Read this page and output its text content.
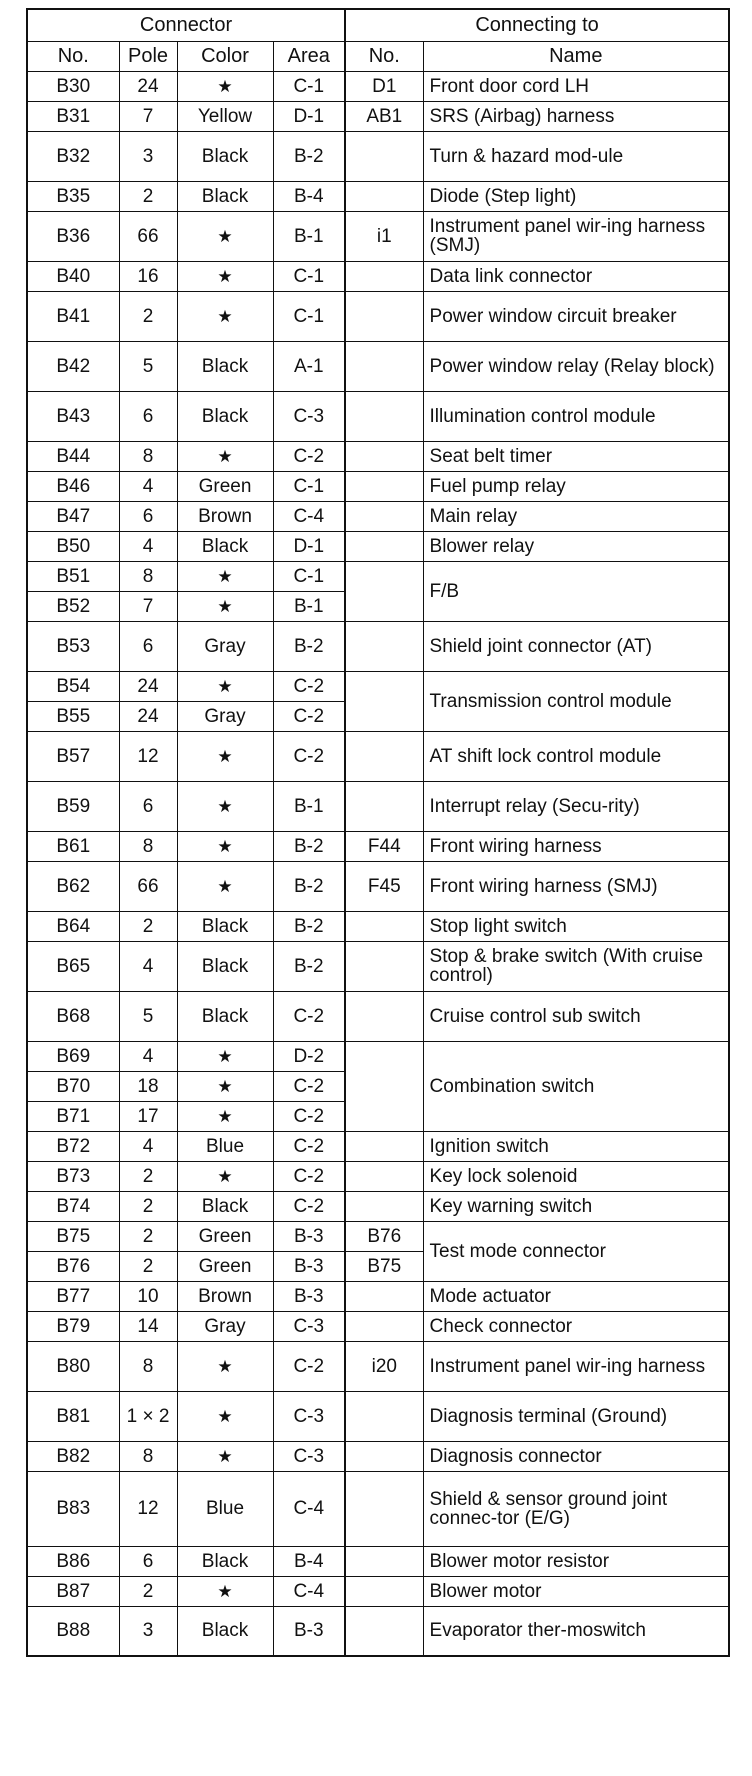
Connector				Connecting to	
No.	Pole	Color	Area	No.	Name
B30	24	★	C-1	D1	Front door cord LH
B31	7	Yellow	D-1	AB1	SRS (Airbag) harness
B32	3	Black	B-2		Turn & hazard mod-ule
B35	2	Black	B-4		Diode (Step light)
B36	66	★	B-1	i1	Instrument panel wir-ing harness (SMJ)
B40	16	★	C-1		Data link connector
B41	2	★	C-1		Power window circuit breaker
B42	5	Black	A-1		Power window relay (Relay block)
B43	6	Black	C-3		Illumination control module
B44	8	★	C-2		Seat belt timer
B46	4	Green	C-1		Fuel pump relay
B47	6	Brown	C-4		Main relay
B50	4	Black	D-1		Blower relay
B51	8	★	C-1		F/B
B52	7	★	B-1		
B53	6	Gray	B-2		Shield joint connector (AT)
B54	24	★	C-2		Transmission control module
B55	24	Gray	C-2		
B57	12	★	C-2		AT shift lock control module
B59	6	★	B-1		Interrupt relay (Secu-rity)
B61	8	★	B-2	F44	Front wiring harness
B62	66	★	B-2	F45	Front wiring harness (SMJ)
B64	2	Black	B-2		Stop light switch
B65	4	Black	B-2		Stop & brake switch (With cruise control)
B68	5	Black	C-2		Cruise control sub switch
B69	4	★	D-2		Combination switch
B70	18	★	C-2		
B71	17	★	C-2		
B72	4	Blue	C-2		Ignition switch
B73	2	★	C-2		Key lock solenoid
B74	2	Black	C-2		Key warning switch
B75	2	Green	B-3	B76	Test mode connector
B76	2	Green	B-3	B75	
B77	10	Brown	B-3		Mode actuator
B79	14	Gray	C-3		Check connector
B80	8	★	C-2	i20	Instrument panel wir-ing harness
B81	1 × 2	★	C-3		Diagnosis terminal (Ground)
B82	8	★	C-3		Diagnosis connector
B83	12	Blue	C-4		Shield & sensor ground joint connec-tor (E/G)
B86	6	Black	B-4		Blower motor resistor
B87	2	★	C-4		Blower motor
B88	3	Black	B-3		Evaporator ther-moswitch
